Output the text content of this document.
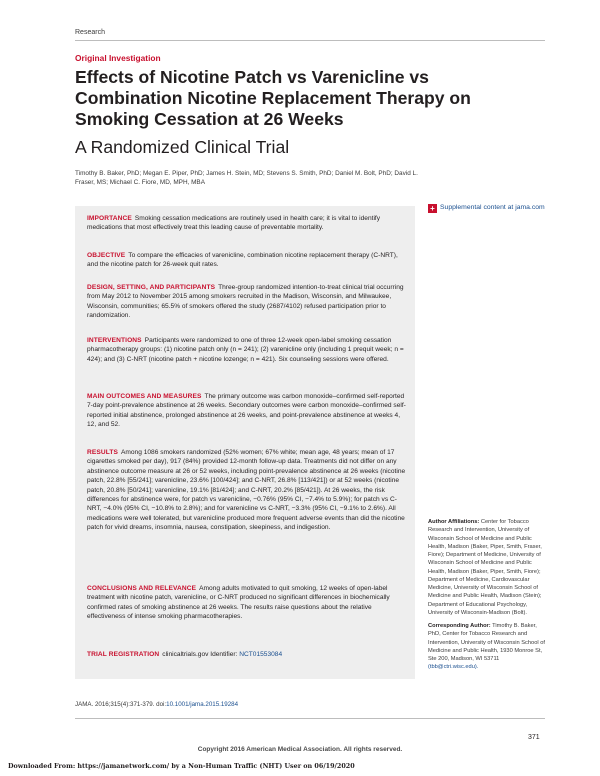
Research
Original Investigation
Effects of Nicotine Patch vs Varenicline vs Combination Nicotine Replacement Therapy on Smoking Cessation at 26 Weeks
A Randomized Clinical Trial
Timothy B. Baker, PhD; Megan E. Piper, PhD; James H. Stein, MD; Stevens S. Smith, PhD; Daniel M. Bolt, PhD; David L. Fraser, MS; Michael C. Fiore, MD, MPH, MBA
+ Supplemental content at jama.com
IMPORTANCE Smoking cessation medications are routinely used in health care; it is vital to identify medications that most effectively treat this leading cause of preventable mortality.
OBJECTIVE To compare the efficacies of varenicline, combination nicotine replacement therapy (C-NRT), and the nicotine patch for 26-week quit rates.
DESIGN, SETTING, AND PARTICIPANTS Three-group randomized intention-to-treat clinical trial occurring from May 2012 to November 2015 among smokers recruited in the Madison, Wisconsin, and Milwaukee, Wisconsin, communities; 65.5% of smokers offered the study (2687/4102) refused participation prior to randomization.
INTERVENTIONS Participants were randomized to one of three 12-week open-label smoking cessation pharmacotherapy groups: (1) nicotine patch only (n = 241); (2) varenicline only (including 1 prequit week; n = 424); and (3) C-NRT (nicotine patch + nicotine lozenge; n = 421). Six counseling sessions were offered.
MAIN OUTCOMES AND MEASURES The primary outcome was carbon monoxide–confirmed self-reported 7-day point-prevalence abstinence at 26 weeks. Secondary outcomes were carbon monoxide–confirmed self-reported initial abstinence, prolonged abstinence at 26 weeks, and point-prevalence abstinence at weeks 4, 12, and 52.
RESULTS Among 1086 smokers randomized (52% women; 67% white; mean age, 48 years; mean of 17 cigarettes smoked per day), 917 (84%) provided 12-month follow-up data. Treatments did not differ on any abstinence outcome measure at 26 or 52 weeks, including point-prevalence abstinence at 26 weeks (nicotine patch, 22.8% [55/241]; varenicline, 23.6% [100/424]; and C-NRT, 26.8% [113/421]) or at 52 weeks (nicotine patch, 20.8% [50/241]; varenicline, 19.1% [81/424]; and C-NRT, 20.2% [85/421]). At 26 weeks, the risk differences for abstinence were, for patch vs varenicline, −0.76% (95% CI, −7.4% to 5.9%); for patch vs C-NRT, −4.0% (95% CI, −10.8% to 2.8%); and for varenicline vs C-NRT, −3.3% (95% CI, −9.1% to 2.6%). All medications were well tolerated, but varenicline produced more frequent adverse events than did the nicotine patch for vivid dreams, insomnia, nausea, constipation, sleepiness, and indigestion.
CONCLUSIONS AND RELEVANCE Among adults motivated to quit smoking, 12 weeks of open-label treatment with nicotine patch, varenicline, or C-NRT produced no significant differences in biochemically confirmed rates of smoking abstinence at 26 weeks. The results raise questions about the relative effectiveness of intense smoking pharmacotherapies.
TRIAL REGISTRATION clinicaltrials.gov Identifier: NCT01553084
JAMA. 2016;315(4):371-379. doi:10.1001/jama.2015.19284
Author Affiliations: Center for Tobacco Research and Intervention, University of Wisconsin School of Medicine and Public Health, Madison (Baker, Piper, Smith, Fraser, Fiore); Department of Medicine, University of Wisconsin School of Medicine and Public Health, Madison (Baker, Piper, Smith, Fiore); Department of Medicine, Cardiovascular Medicine, University of Wisconsin School of Medicine and Public Health, Madison (Stein); Department of Educational Psychology, University of Wisconsin-Madison (Bolt).
Corresponding Author: Timothy B. Baker, PhD, Center for Tobacco Research and Intervention, University of Wisconsin School of Medicine and Public Health, 1930 Monroe St, Ste 200, Madison, WI 53711 (tbb@ctri.wisc.edu).
371
Copyright 2016 American Medical Association. All rights reserved.
Downloaded From: https://jamanetwork.com/ by a Non-Human Traffic (NHT) User on 06/19/2020
